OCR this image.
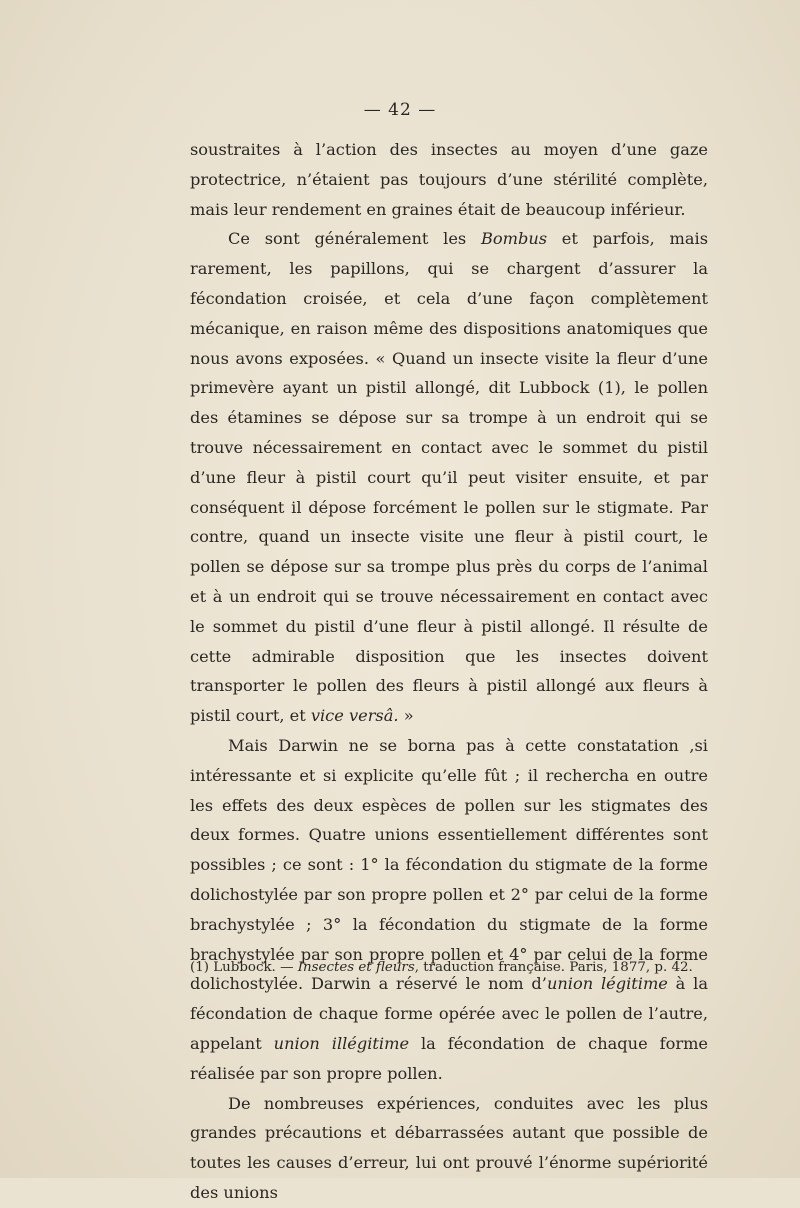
— 42 —

soustraites à l’action des insectes au moyen d’une gaze protectrice, n’étaient pas toujours d’une stérilité complète, mais leur rendement en graines était de beaucoup inférieur.

Ce sont généralement les Bombus et parfois, mais rarement, les papillons, qui se chargent d’assurer la fécondation croisée, et cela d’une façon complètement mécanique, en raison même des dispositions anatomiques que nous avons exposées. « Quand un insecte visite la fleur d’une primevère ayant un pistil allongé, dit Lubbock (1), le pollen des étamines se dépose sur sa trompe à un endroit qui se trouve nécessairement en contact avec le sommet du pistil d’une fleur à pistil court qu’il peut visiter ensuite, et par conséquent il dépose forcément le pollen sur le stigmate. Par contre, quand un insecte visite une fleur à pistil court, le pollen se dépose sur sa trompe plus près du corps de l’animal et à un endroit qui se trouve nécessairement en contact avec le sommet du pistil d’une fleur à pistil allongé. Il résulte de cette admirable disposition que les insectes doivent transporter le pollen des fleurs à pistil allongé aux fleurs à pistil court, et vice versâ. »

Mais Darwin ne se borna pas à cette constatation ,si intéressante et si explicite qu’elle fût ; il recherchа en outre les effets des deux espèces de pollen sur les stigmates des deux formes. Quatre unions essentiellement différentes sont possibles ; ce sont : 1° la fécondation du stigmate de la forme dolichostylée par son propre pollen et 2° par celui de la forme brachystylée ; 3° la fécondation du stigmate de la forme brachystylée par son propre pollen et 4° par celui de la forme dolichostylée. Darwin a réservé le nom d’union légitime à la fécondation de chaque forme opérée avec le pollen de l’autre, appelant union illégitime la fécondation de chaque forme réalisée par son propre pollen.

De nombreuses expériences, conduites avec les plus grandes précautions et débarrassées autant que possible de toutes les causes d’erreur, lui ont prouvé l’énorme supériorité des unions

(1) Lubbock. — Insectes et fleurs, traduction française. Paris, 1877, p. 42.
